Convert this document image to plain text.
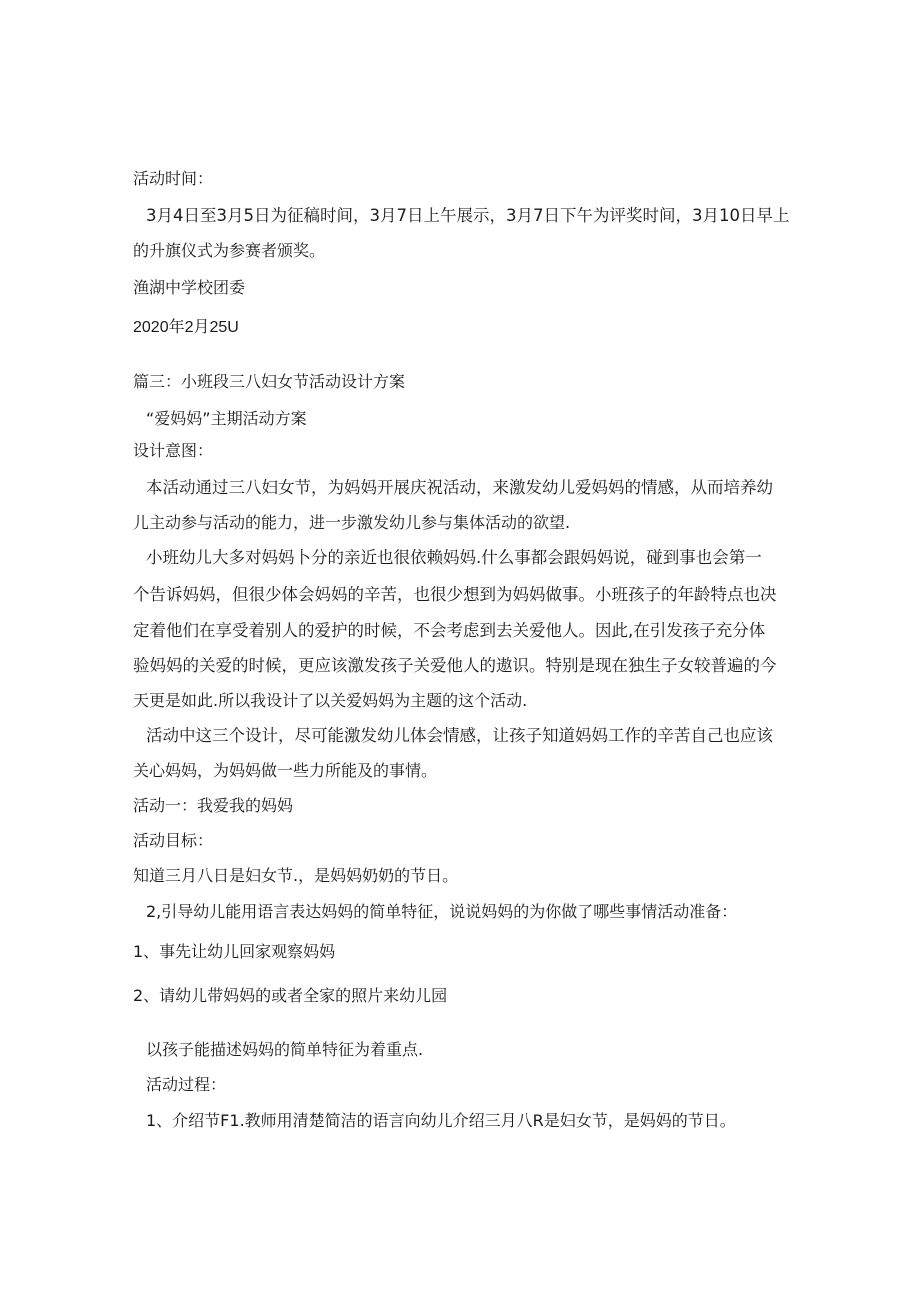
活动时间：
3月4日至3月5日为征稿时间，3月7日上午展示，3月7日下午为评奖时间，3月10日早上
的升旗仪式为参赛者颁奖。
渔湖中学校团委
2020年2月25U
篇三：小班段三八妇女节活动设计方案
“爱妈妈”主期活动方案
设计意图：
本活动通过三八妇女节，为妈妈开展庆祝活动，来激发幼儿爱妈妈的情感，从而培养幼
儿主动参与活动的能力，进一步激发幼儿参与集体活动的欲望.
小班幼儿大多对妈妈卜分的亲近也很依赖妈妈.什么事都会跟妈妈说，碰到事也会第一
个告诉妈妈，但很少体会妈妈的辛苦，也很少想到为妈妈做事。小班孩子的年龄特点也决
定着他们在享受着别人的爱护的时候，不会考虑到去关爱他人。因此,在引发孩子充分体
验妈妈的关爱的时候，更应该激发孩子关爱他人的遨识。特别是现在独生子女较普遍的今
天更是如此.所以我设计了以关爱妈妈为主题的这个活动.
活动中这三个设计，尽可能激发幼儿体会情感，让孩子知道妈妈工作的辛苦自己也应该
关心妈妈，为妈妈做一些力所能及的事情。
活动一：我爱我的妈妈
活动目标：
知道三月八日是妇女节.，是妈妈奶奶的节日。
2,引导幼儿能用语言表达妈妈的简单特征，说说妈妈的为你做了哪些事情活动准备：
1、事先让幼儿回家观察妈妈
2、请幼儿带妈妈的或者全家的照片来幼儿园
以孩子能描述妈妈的简单特征为着重点.
活动过程：
1、介绍节F1.教师用清楚简洁的语言向幼儿介绍三月八R是妇女节，是妈妈的节日。
